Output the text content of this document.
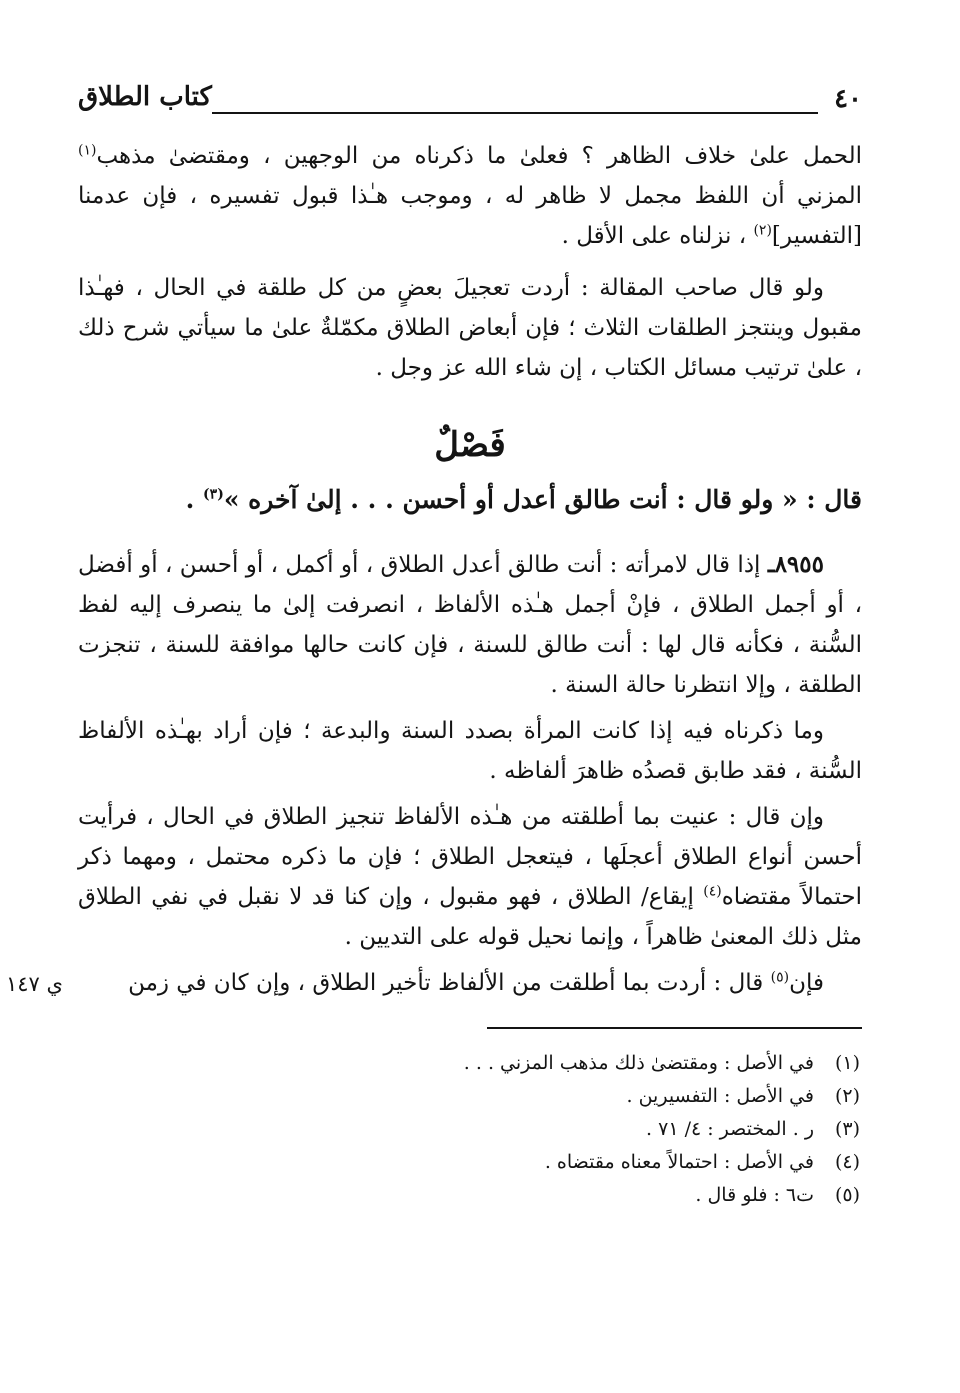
٤٠
كتاب الطلاق

الحمل علىٰ خلاف الظاهر ؟ فعلىٰ ما ذكرناه من الوجهين ، ومقتضىٰ مذهب$^{(١)}$ المزني أن اللفظ مجمل لا ظاهر له ، وموجب هـٰذا قبول تفسيره ، فإن عدمنا [التفسير]$^{(٢)}$ ، نزلناه على الأقل .

ولو قال صاحب المقالة : أردت تعجيلَ بعضٍ من كل طلقة في الحال ، فهـٰذا مقبول وينتجز الطلقات الثلاث ؛ فإن أبعاض الطلاق مكمّلةٌ علىٰ ما سيأتي شرح ذلك ، علىٰ ترتيب مسائل الكتاب ، إن شاء الله عز وجل .

فَصْلٌ

قال : « ولو قال : أنت طالق أعدل أو أحسن . . . إلىٰ آخره »$^{(٣)}$ .

٨٩٥٥ـ إذا قال لامرأته : أنت طالق أعدل الطلاق ، أو أكمل ، أو أحسن ، أو أفضل ، أو أجمل الطلاق ، فإنْ أجمل هـٰذه الألفاظ ، انصرفت إلىٰ ما ينصرف إليه لفظ السُّنة ، فكأنه قال لها : أنت طالق للسنة ، فإن كانت حالها موافقة للسنة ، تنجزت الطلقة ، وإلا انتظرنا حالة السنة .

وما ذكرناه فيه إذا كانت المرأة بصدد السنة والبدعة ؛ فإن أراد بهـٰذه الألفاظ السُّنة ، فقد طابق قصدُه ظاهرَ ألفاظه .

وإن قال : عنيت بما أطلقته من هـٰذه الألفاظ تنجيز الطلاق في الحال ، فرأيت أحسن أنواع الطلاق أعجلَها ، فيتعجل الطلاق ؛ فإن ما ذكره محتمل ، ومهما ذكر احتمالاً مقتضاه$^{(٤)}$ إيقاع/ الطلاق ، فهو مقبول ، وإن كنا قد لا نقبل في نفي الطلاق مثل ذلك المعنىٰ ظاهراً ، وإنما نحيل قوله على التديين .

فإن$^{(٥)}$ قال : أردت بما أطلقت من الألفاظ تأخير الطلاق ، وإن كان في زمن

(١)في الأصل : ومقتضىٰ ذلك مذهب المزني . . .
(٢)في الأصل : التفسيرين .
(٣)ر . المختصر : ٤/ ٧١ .
(٤)في الأصل : احتمالاً معناه مقتضاه .
(٥)ت٦ : فلو قال .
ي ١٤٧
